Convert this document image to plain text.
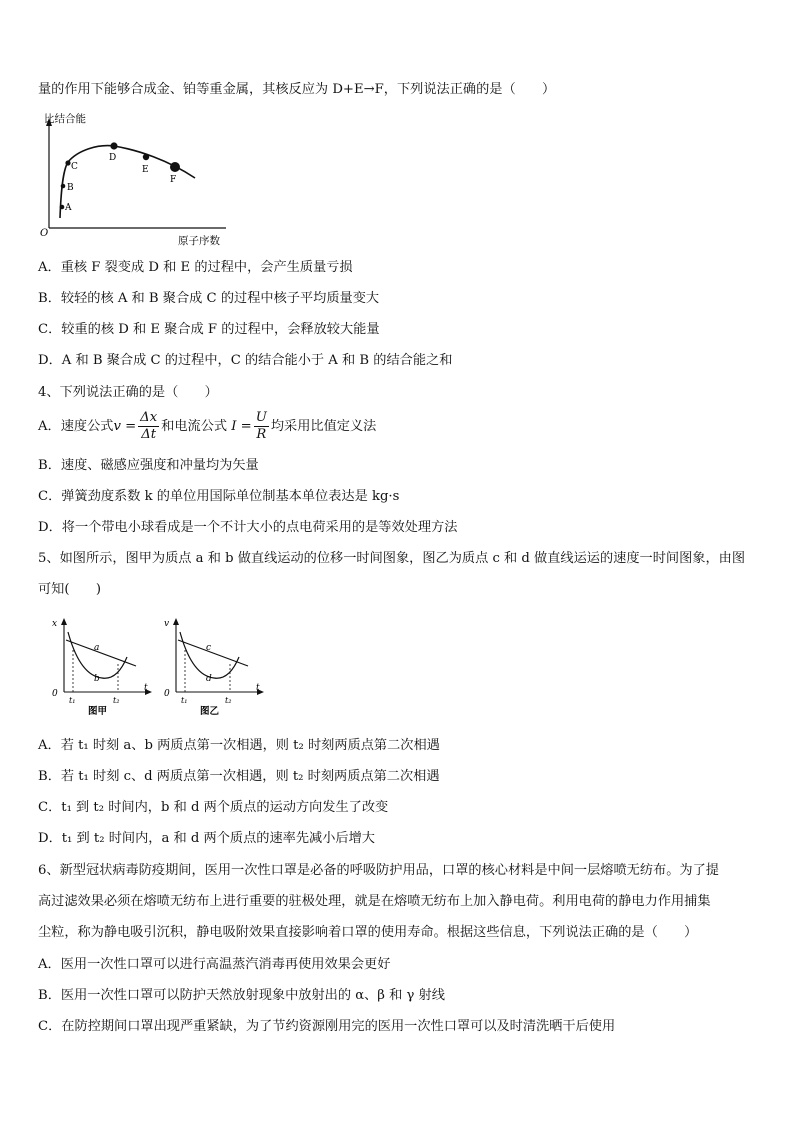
量的作用下能够合成金、铂等重金属，其核反应为 D+E→F，下列说法正确的是（　　）
比结合能
O
原子序数
A
B
C
D
E
F
A．重核 F 裂变成 D 和 E 的过程中，会产生质量亏损
B．较轻的核 A 和 B 聚合成 C 的过程中核子平均质量变大
C．较重的核 D 和 E 聚合成 F 的过程中，会释放较大能量
D．A 和 B 聚合成 C 的过程中，C 的结合能小于 A 和 B 的结合能之和
4、下列说法正确的是（　　）
A．速度公式$v = \frac{\Delta x}{\Delta t}$ 和电流公式 $I = \frac{U}{R}$ 均采用比值定义法
B．速度、磁感应强度和冲量均为矢量
C．弹簧劲度系数 k 的单位用国际单位制基本单位表达是 kg·s
D．将一个带电小球看成是一个不计大小的点电荷采用的是等效处理方法
5、如图所示，图甲为质点 a 和 b 做直线运动的位移一时间图象，图乙为质点 c 和 d 做直线运运的速度一时间图象，由图
可知(　　)
x
0
t
a
b
t₁	t₂
图甲
v
0
t
c
d
t₁	t₂
图乙
A．若 t₁ 时刻 a、b 两质点第一次相遇，则 t₂ 时刻两质点第二次相遇
B．若 t₁ 时刻 c、d 两质点第一次相遇，则 t₂ 时刻两质点第二次相遇
C．t₁ 到 t₂ 时间内，b 和 d 两个质点的运动方向发生了改变
D．t₁ 到 t₂ 时间内，a 和 d 两个质点的速率先减小后增大
6、新型冠状病毒防疫期间，医用一次性口罩是必备的呼吸防护用品，口罩的核心材料是中间一层熔喷无纺布。为了提
高过滤效果必须在熔喷无纺布上进行重要的驻极处理，就是在熔喷无纺布上加入静电荷。利用电荷的静电力作用捕集
尘粒，称为静电吸引沉积，静电吸附效果直接影响着口罩的使用寿命。根据这些信息，下列说法正确的是（　　）
A．医用一次性口罩可以进行高温蒸汽消毒再使用效果会更好
B．医用一次性口罩可以防护天然放射现象中放射出的 α、β 和 γ 射线
C．在防控期间口罩出现严重紧缺，为了节约资源刚用完的医用一次性口罩可以及时清洗晒干后使用
